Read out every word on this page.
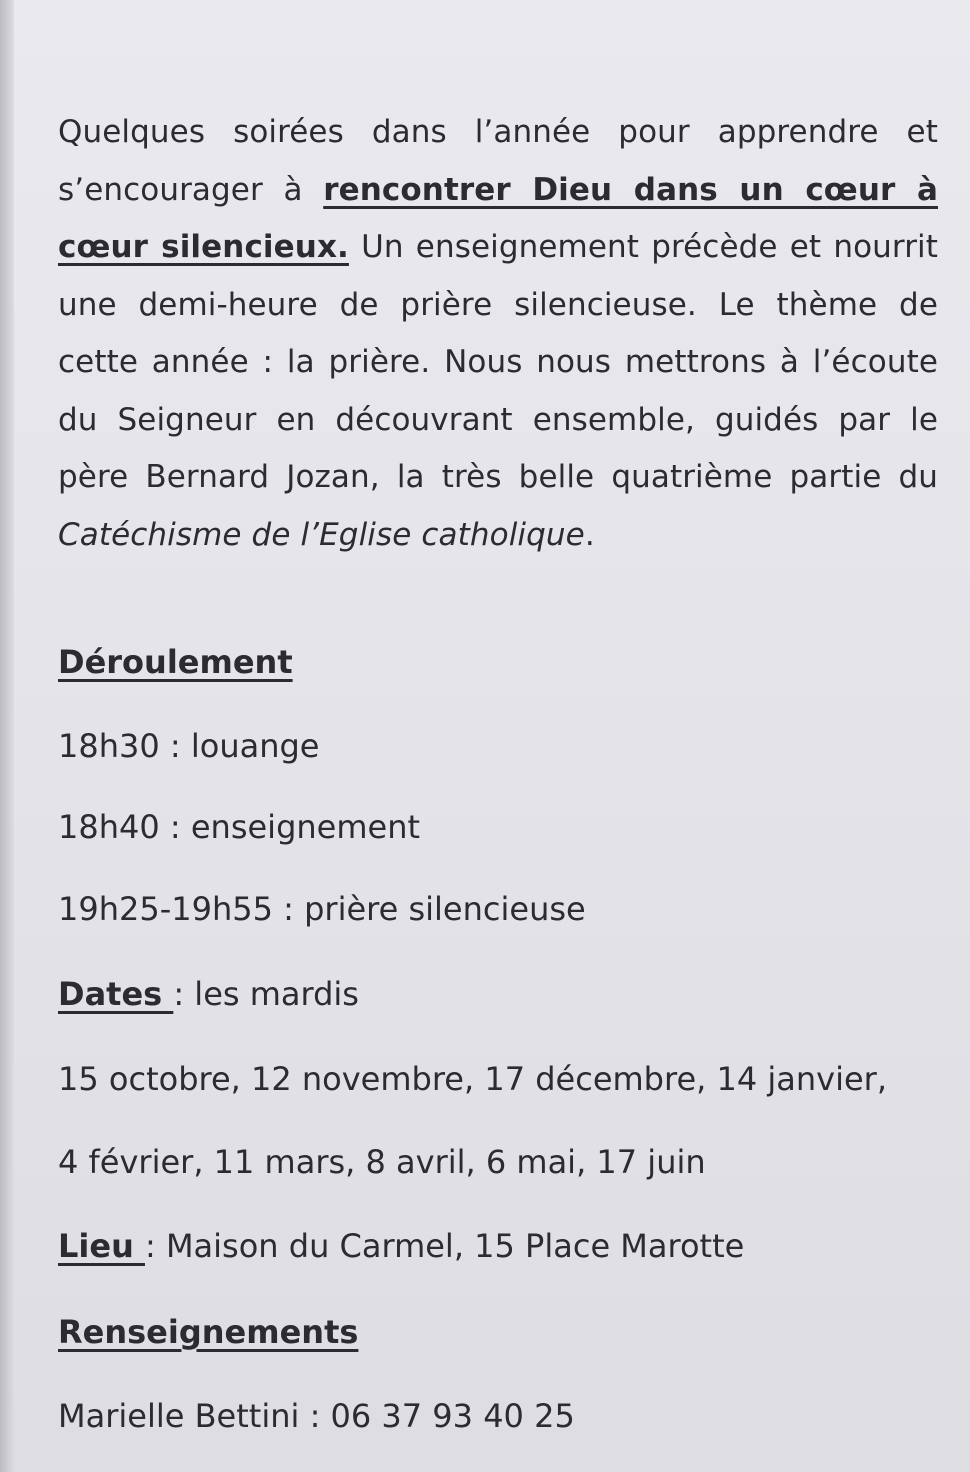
Quelques soirées dans l’année pour apprendre et s’encourager à rencontrer Dieu dans un cœur à cœur silencieux. Un enseignement précède et nourrit une demi-heure de prière silencieuse. Le thème de cette année : la prière. Nous nous mettrons à l’écoute du Seigneur en découvrant ensemble, guidés par le père Bernard Jozan, la très belle quatrième partie du Catéchisme de l’Eglise catholique.

Déroulement
18h30 : louange
18h40 : enseignement
19h25-19h55 : prière silencieuse
Dates : les mardis
15 octobre, 12 novembre, 17 décembre, 14 janvier,
4 février, 11 mars, 8 avril, 6 mai, 17 juin
Lieu : Maison du Carmel, 15 Place Marotte
Renseignements
Marielle Bettini : 06 37 93 40 25
